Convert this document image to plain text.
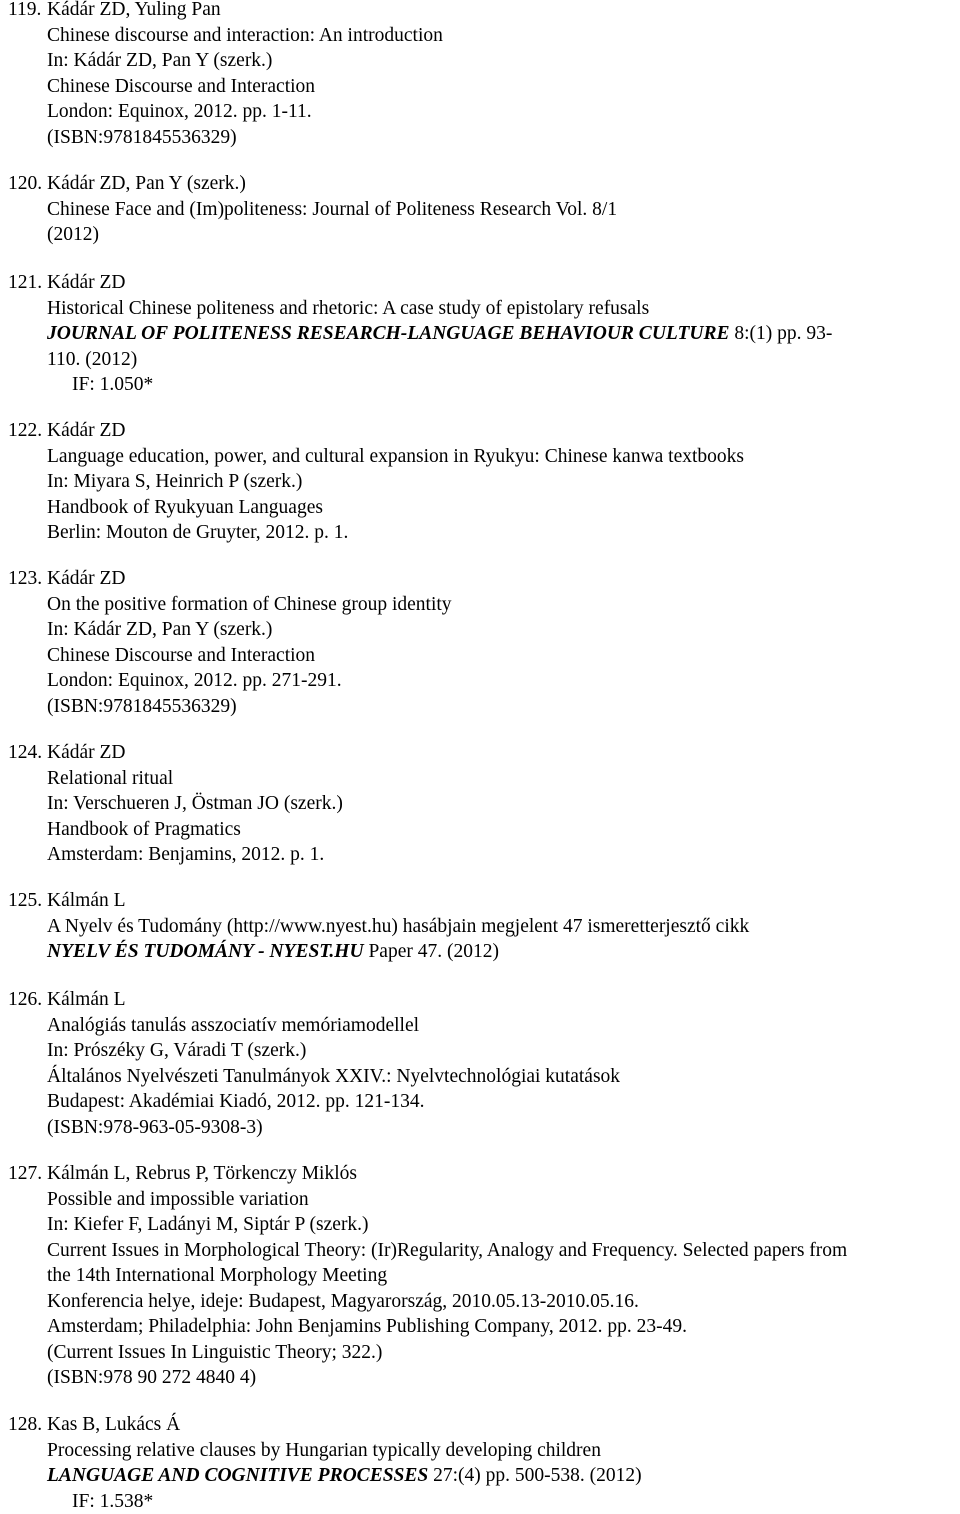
119. Kádár ZD, Yuling Pan
Chinese discourse and interaction: An introduction
In: Kádár ZD, Pan Y (szerk.)
Chinese Discourse and Interaction
London: Equinox, 2012. pp. 1-11.
(ISBN:9781845536329)
120. Kádár ZD, Pan Y (szerk.)
Chinese Face and (Im)politeness: Journal of Politeness Research Vol. 8/1
(2012)
121. Kádár ZD
Historical Chinese politeness and rhetoric: A case study of epistolary refusals
JOURNAL OF POLITENESS RESEARCH-LANGUAGE BEHAVIOUR CULTURE 8:(1) pp. 93-
110. (2012)
IF: 1.050*
122. Kádár ZD
Language education, power, and cultural expansion in Ryukyu: Chinese kanwa textbooks
In: Miyara S, Heinrich P (szerk.)
Handbook of Ryukyuan Languages
Berlin: Mouton de Gruyter, 2012. p. 1.
123. Kádár ZD
On the positive formation of Chinese group identity
In: Kádár ZD, Pan Y (szerk.)
Chinese Discourse and Interaction
London: Equinox, 2012. pp. 271-291.
(ISBN:9781845536329)
124. Kádár ZD
Relational ritual
In: Verschueren J, Östman JO (szerk.)
Handbook of Pragmatics
Amsterdam: Benjamins, 2012. p. 1.
125. Kálmán L
A Nyelv és Tudomány (http://www.nyest.hu) hasábjain megjelent 47 ismeretterjesztő cikk
NYELV ÉS TUDOMÁNY - NYEST.HU Paper 47. (2012)
126. Kálmán L
Analógiás tanulás asszociatív memóriamodellel
In: Prószéky G, Váradi T (szerk.)
Általános Nyelvészeti Tanulmányok XXIV.: Nyelvtechnológiai kutatások
Budapest: Akadémiai Kiadó, 2012. pp. 121-134.
(ISBN:978-963-05-9308-3)
127. Kálmán L, Rebrus P, Törkenczy Miklós
Possible and impossible variation
In: Kiefer F, Ladányi M, Siptár P (szerk.)
Current Issues in Morphological Theory: (Ir)Regularity, Analogy and Frequency. Selected papers from
the 14th International Morphology Meeting
Konferencia helye, ideje: Budapest, Magyarország, 2010.05.13-2010.05.16.
Amsterdam; Philadelphia: John Benjamins Publishing Company, 2012. pp. 23-49.
(Current Issues In Linguistic Theory; 322.)
(ISBN:978 90 272 4840 4)
128. Kas B, Lukács Á
Processing relative clauses by Hungarian typically developing children
LANGUAGE AND COGNITIVE PROCESSES 27:(4) pp. 500-538. (2012)
IF: 1.538*
